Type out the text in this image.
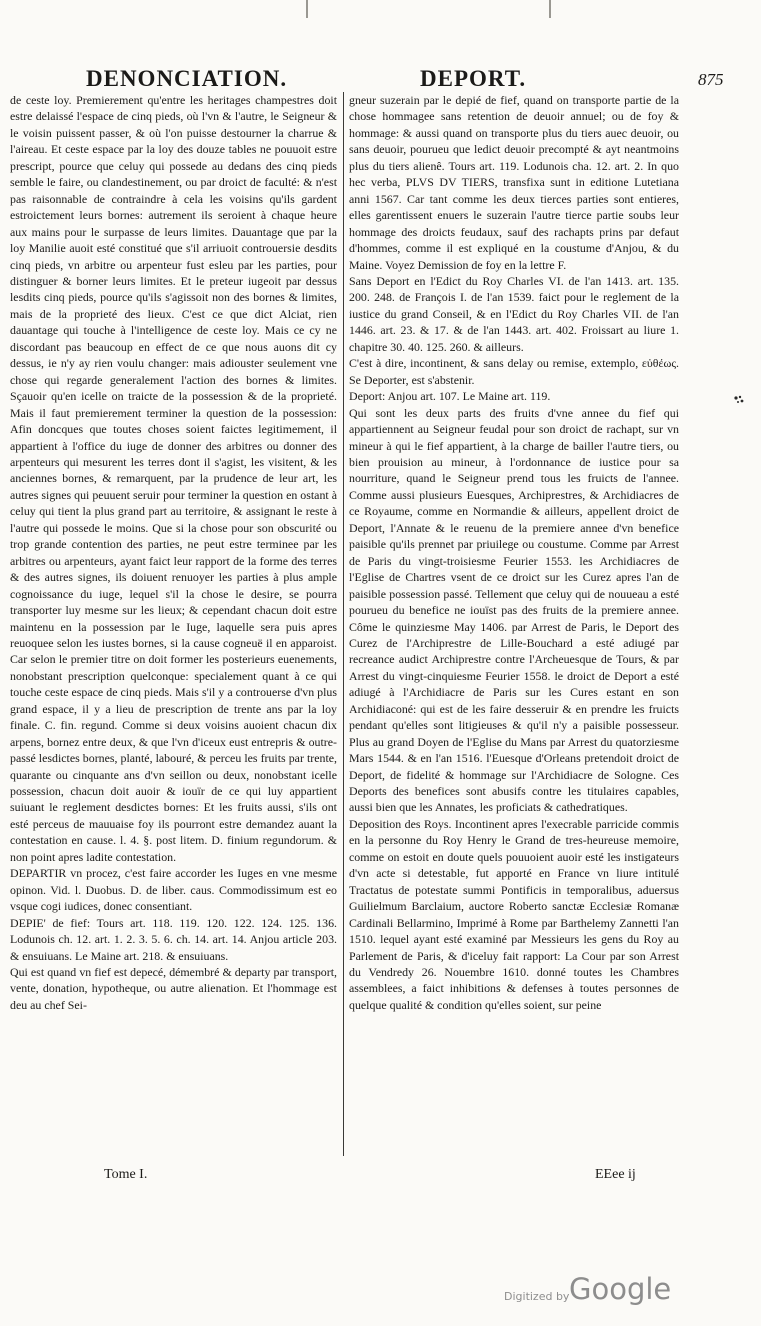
DENONCIATION.	DEPORT.	875

de ceste loy. Premierement qu'entre les heritages champestres doit estre delaissé l'espace de cinq pieds, où l'vn & l'autre, le Seigneur & le voisin puissent passer, & où l'on puisse destourner la charrue & l'aireau. Et ceste espace par la loy des douze tables ne pouuoit estre prescript, pource que celuy qui possede au dedans des cinq pieds semble le faire, ou clandestinement, ou par droict de faculté: & n'est pas raisonnable de contraindre à cela les voisins qu'ils gardent estroictement leurs bornes: autrement ils seroient à chaque heure aux mains pour le surpasse de leurs limites. Dauantage que par la loy Manilie auoit esté constitué que s'il arriuoit controuersie desdits cinq pieds, vn arbitre ou arpenteur fust esleu par les parties, pour distinguer & borner leurs limites. Et le preteur iugeoit par dessus lesdits cinq pieds, pource qu'ils s'agissoit non des bornes & limites, mais de la proprieté des lieux. C'est ce que dict Alciat, rien dauantage qui touche à l'intelligence de ceste loy. Mais ce cy ne discordant pas beaucoup en effect de ce que nous auons dit cy dessus, ie n'y ay rien voulu changer: mais adiouster seulement vne chose qui regarde generalement l'action des bornes & limites. Sçauoir qu'en icelle on traicte de la possession & de la proprieté. Mais il faut premierement terminer la question de la possession: Afin doncques que toutes choses soient faictes legitimement, il appartient à l'office du iuge de donner des arbitres ou donner des arpenteurs qui mesurent les terres dont il s'agist, les visitent, & les anciennes bornes, & remarquent, par la prudence de leur art, les autres signes qui peuuent seruir pour terminer la question en ostant à celuy qui tient la plus grand part au territoire, & assignant le reste à l'autre qui possede le moins. Que si la chose pour son obscurité ou trop grande contention des parties, ne peut estre terminee par les arbitres ou arpenteurs, ayant faict leur rapport de la forme des terres & des autres signes, ils doiuent renuoyer les parties à plus ample cognoissance du iuge, lequel s'il la chose le desire, se pourra transporter luy mesme sur les lieux; & cependant chacun doit estre maintenu en la possession par le Iuge, laquelle sera puis apres reuoquee selon les iustes bornes, si la cause cogneuë il en apparoist. Car selon le premier titre on doit former les posterieurs euenements, nonobstant prescription quelconque: specialement quant à ce qui touche ceste espace de cinq pieds. Mais s'il y a controuerse d'vn plus grand espace, il y a lieu de prescription de trente ans par la loy finale. C. fin. regund. Comme si deux voisins auoient chacun dix arpens, bornez entre deux, & que l'vn d'iceux eust entrepris & outre-passé lesdictes bornes, planté, labouré, & perceu les fruits par trente, quarante ou cinquante ans d'vn seillon ou deux, nonobstant icelle possession, chacun doit auoir & iouïr de ce qui luy appartient suiuant le reglement desdictes bornes: Et les fruits aussi, s'ils ont esté perceus de mauuaise foy ils pourront estre demandez auant la contestation en cause. l. 4. §. post litem. D. finium regundorum. & non point apres ladite contestation.

DEPARTIR vn procez, c'est faire accorder les Iuges en vne mesme opinon. Vid. l. Duobus. D. de liber. caus. Commodissimum est eo vsque cogi iudices, donec consentiant.

DEPIE' de fief: Tours art. 118. 119. 120. 122. 124. 125. 136. Lodunois ch. 12. art. 1. 2. 3. 5. 6. ch. 14. art. 14. Anjou article 203. & ensuiuans. Le Maine art. 218. & ensuiuans.

Qui est quand vn fief est depecé, démembré & departy par transport, vente, donation, hypotheque, ou autre alienation. Et l'hommage est deu au chef Sei-

gneur suzerain par le depié de fief, quand on transporte partie de la chose hommagee sans retention de deuoir annuel; ou de foy & hommage: & aussi quand on transporte plus du tiers auec deuoir, ou sans deuoir, pourueu que ledict deuoir precompté & ayt neantmoins plus du tiers alienê. Tours art. 119. Lodunois cha. 12. art. 2. In quo hec verba, PLVS DV TIERS, transfixa sunt in editione Lutetiana anni 1567. Car tant comme les deux tierces parties sont entieres, elles garentissent enuers le suzerain l'autre tierce partie soubs leur hommage des droicts feudaux, sauf des rachapts prins par defaut d'hommes, comme il est expliqué en la coustume d'Anjou, & du Maine. Voyez Demission de foy en la lettre F.

Sans Deport en l'Edict du Roy Charles VI. de l'an 1413. art. 135. 200. 248. de François I. de l'an 1539. faict pour le reglement de la iustice du grand Conseil, & en l'Edict du Roy Charles VII. de l'an 1446. art. 23. & 17. & de l'an 1443. art. 402. Froissart au liure 1. chapitre 30. 40. 125. 260. & ailleurs.

C'est à dire, incontinent, & sans delay ou remise, extemplo, εὐθέως. Se Deporter, est s'abstenir.

Deport: Anjou art. 107. Le Maine art. 119.

Qui sont les deux parts des fruits d'vne annee du fief qui appartiennent au Seigneur feudal pour son droict de rachapt, sur vn mineur à qui le fief appartient, à la charge de bailler l'autre tiers, ou bien prouision au mineur, à l'ordonnance de iustice pour sa nourriture, quand le Seigneur prend tous les fruicts de l'annee. Comme aussi plusieurs Euesques, Archiprestres, & Archidiacres de ce Royaume, comme en Normandie & ailleurs, appellent droict de Deport, l'Annate & le reuenu de la premiere annee d'vn benefice paisible qu'ils prennet par priuilege ou coustume. Comme par Arrest de Paris du vingt-troisiesme Feurier 1553. les Archidiacres de l'Eglise de Chartres vsent de ce droict sur les Curez apres l'an de paisible possession passé. Tellement que celuy qui de nouueau a esté pourueu du benefice ne iouïst pas des fruits de la premiere annee. Côme le quinziesme May 1406. par Arrest de Paris, le Deport des Curez de l'Archiprestre de Lille-Bouchard a esté adiugé par recreance audict Archiprestre contre l'Archeuesque de Tours, & par Arrest du vingt-cinquiesme Feurier 1558. le droict de Deport a esté adiugé à l'Archidiacre de Paris sur les Cures estant en son Archidiaconé: qui est de les faire desseruir & en prendre les fruicts pendant qu'elles sont litigieuses & qu'il n'y a paisible possesseur. Plus au grand Doyen de l'Eglise du Mans par Arrest du quatorziesme Mars 1544. & en l'an 1516. l'Euesque d'Orleans pretendoit droict de Deport, de fidelité & hommage sur l'Archidiacre de Sologne. Ces Deports des benefices sont abusifs contre les titulaires capables, aussi bien que les Annates, les proficiats & cathedratiques.

Deposition des Roys. Incontinent apres l'execrable parricide commis en la personne du Roy Henry le Grand de tres-heureuse memoire, comme on estoit en doute quels pouuoient auoir esté les instigateurs d'vn acte si detestable, fut apporté en France vn liure intitulé Tractatus de potestate summi Pontificis in temporalibus, aduersus Guilielmum Barclaium, auctore Roberto sanctæ Ecclesiæ Romanæ Cardinali Bellarmino, Imprimé à Rome par Barthelemy Zannetti l'an 1510. lequel ayant esté examiné par Messieurs les gens du Roy au Parlement de Paris, & d'iceluy fait rapport: La Cour par son Arrest du Vendredy 26. Nouembre 1610. donné toutes les Chambres assemblees, a faict inhibitions & defenses à toutes personnes de quelque qualité & condition qu'elles soient, sur peine

Tome I.	EEee ij
Digitized by Google
